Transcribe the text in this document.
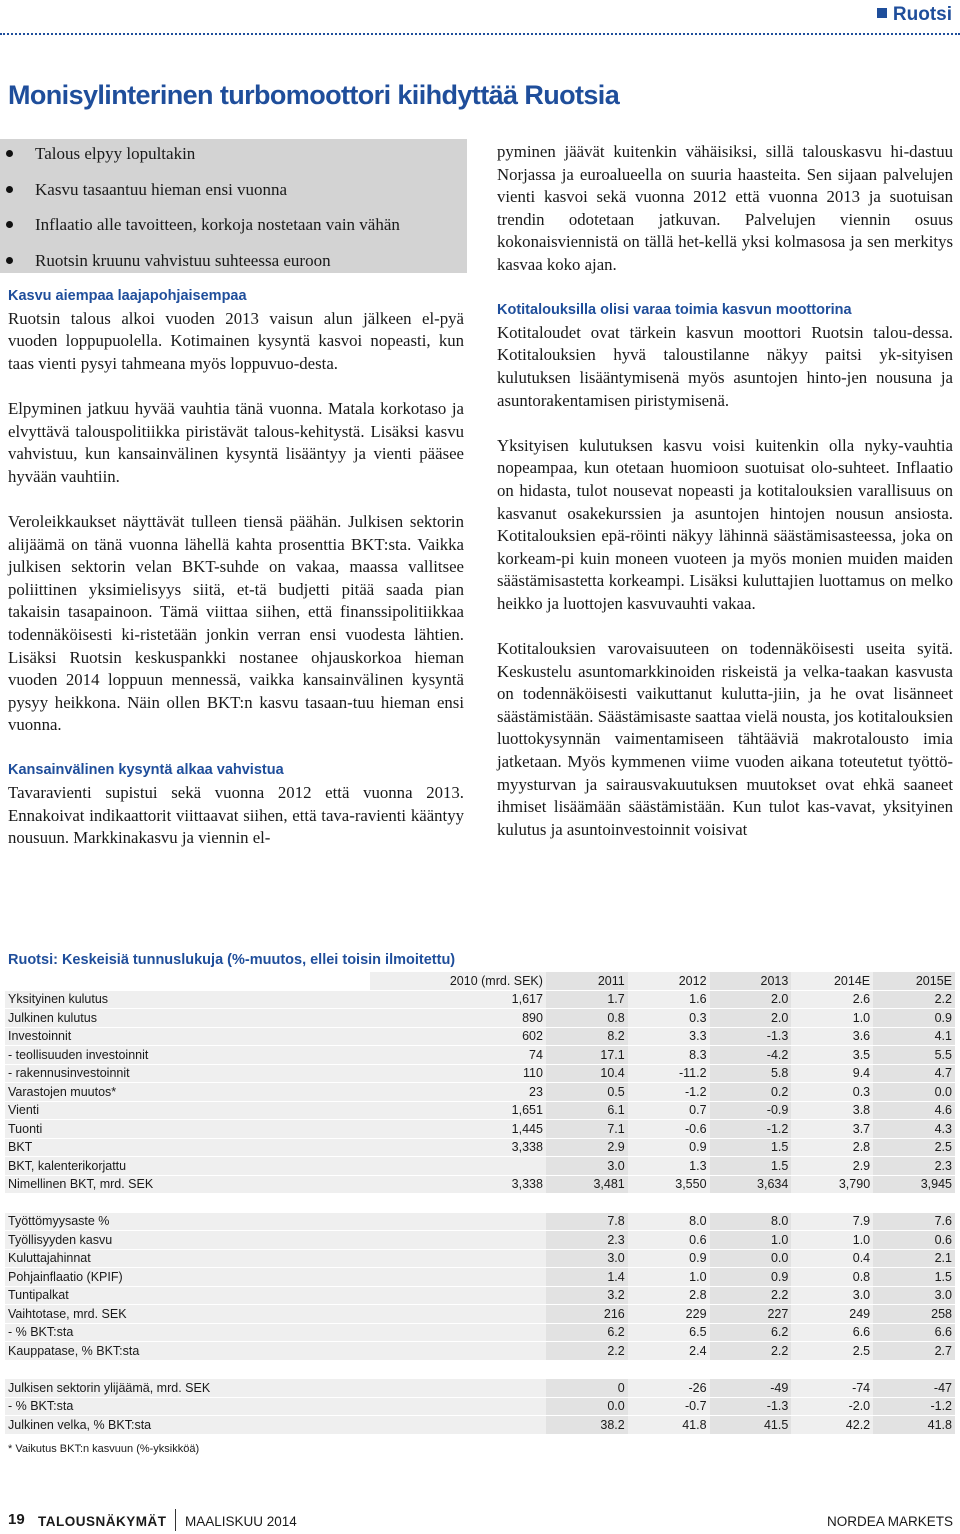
Ruotsi
Monisylinterinen turbomoottori kiihdyttää Ruotsia
Talous elpyy lopultakin
Kasvu tasaantuu hieman ensi vuonna
Inflaatio alle tavoitteen, korkoja nostetaan vain vähän
Ruotsin kruunu vahvistuu suhteessa euroon
Kasvu aiempaa laajapohjaisempaa

Ruotsin talous alkoi vuoden 2013 vaisun alun jälkeen el-pyä vuoden loppupuolella. Kotimainen kysyntä kasvoi nopeasti, kun taas vienti pysyi tahmeana myös loppuvuo-desta.

Elpyminen jatkuu hyvää vauhtia tänä vuonna. Matala korkotaso ja elvyttävä talouspolitiikka piristävät talous-kehitystä. Lisäksi kasvu vahvistuu, kun kansainvälinen kysyntä lisääntyy ja vienti pääsee hyvään vauhtiin.

Veroleikkaukset näyttävät tulleen tiensä päähän. Julkisen sektorin alijäämä on tänä vuonna lähellä kahta prosenttia BKT:sta. Vaikka julkisen sektorin velan BKT-suhde on vakaa, maassa vallitsee poliittinen yksimielisyys siitä, et-tä budjetti pitää saada pian takaisin tasapainoon. Tämä viittaa siihen, että finanssipolitiikkaa todennäköisesti ki-ristetään jonkin verran ensi vuodesta lähtien. Lisäksi Ruotsin keskuspankki nostanee ohjauskorkoa hieman vuoden 2014 loppuun mennessä, vaikka kansainvälinen kysyntä pysyy heikkona. Näin ollen BKT:n kasvu tasaan-tuu hieman ensi vuonna.

Kansainvälinen kysyntä alkaa vahvistua

Tavaravienti supistui sekä vuonna 2012 että vuonna 2013. Ennakoivat indikaattorit viittaavat siihen, että tava-ravienti kääntyy nousuun. Markkinakasvu ja viennin el-

pyminen jäävät kuitenkin vähäisiksi, sillä talouskasvu hi-dastuu Norjassa ja euroalueella on suuria haasteita. Sen sijaan palvelujen vienti kasvoi sekä vuonna 2012 että vuonna 2013 ja suotuisan trendin odotetaan jatkuvan. Palvelujen viennin osuus kokonaisviennistä on tällä het-kellä yksi kolmasosa ja sen merkitys kasvaa koko ajan.

Kotitalouksilla olisi varaa toimia kasvun moottorina

Kotitaloudet ovat tärkein kasvun moottori Ruotsin talou-dessa. Kotitalouksien hyvä taloustilanne näkyy paitsi yk-sityisen kulutuksen lisääntymisenä myös asuntojen hinto-jen nousuna ja asuntorakentamisen piristymisenä.

Yksityisen kulutuksen kasvu voisi kuitenkin olla nyky-vauhtia nopeampaa, kun otetaan huomioon suotuisat olo-suhteet. Inflaatio on hidasta, tulot nousevat nopeasti ja kotitalouksien varallisuus on kasvanut osakekurssien ja asuntojen hintojen nousun ansiosta. Kotitalouksien epä-röinti näkyy lähinnä säästämisasteessa, joka on korkeam-pi kuin moneen vuoteen ja myös monien muiden maiden säästämisastetta korkeampi. Lisäksi kuluttajien luottamus on melko heikko ja luottojen kasvuvauhti vakaa.

Kotitalouksien varovaisuuteen on todennäköisesti useita syitä. Keskustelu asuntomarkkinoiden riskeistä ja velka-taakan kasvusta on todennäköisesti vaikuttanut kulutta-jiin, ja he ovat lisänneet säästämistään. Säästämisaste saattaa vielä nousta, jos kotitalouksien luottokysynnän vaimentamiseen tähtääviä makrotalousto imia jatketaan. Myös kymmenen viime vuoden aikana toteutetut työttö-myysturvan ja sairausvakuutuksen muutokset ovat ehkä saaneet ihmiset lisäämään säästämistään. Kun tulot kas-vavat, yksityinen kulutus ja asuntoinvestoinnit voisivat

Ruotsi: Keskeisiä tunnuslukuja (%-muutos, ellei toisin ilmoitettu)
	2010 (mrd. SEK)	2011	2012	2013	2014E	2015E
Yksityinen kulutus	1,617	1.7	1.6	2.0	2.6	2.2
Julkinen kulutus	890	0.8	0.3	2.0	1.0	0.9
Investoinnit	602	8.2	3.3	-1.3	3.6	4.1
- teollisuuden investoinnit	74	17.1	8.3	-4.2	3.5	5.5
- rakennusinvestoinnit	110	10.4	-11.2	5.8	9.4	4.7
Varastojen muutos*	23	0.5	-1.2	0.2	0.3	0.0
Vienti	1,651	6.1	0.7	-0.9	3.8	4.6
Tuonti	1,445	7.1	-0.6	-1.2	3.7	4.3
BKT	3,338	2.9	0.9	1.5	2.8	2.5
BKT, kalenterikorjattu		3.0	1.3	1.5	2.9	2.3
Nimellinen BKT, mrd. SEK	3,338	3,481	3,550	3,634	3,790	3,945

Työttömyysaste %		7.8	8.0	8.0	7.9	7.6
Työllisyyden kasvu		2.3	0.6	1.0	1.0	0.6
Kuluttajahinnat		3.0	0.9	0.0	0.4	2.1
Pohjainflaatio (KPIF)		1.4	1.0	0.9	0.8	1.5
Tuntipalkat		3.2	2.8	2.2	3.0	3.0
Vaihtotase, mrd. SEK		216	229	227	249	258
- % BKT:sta		6.2	6.5	6.2	6.6	6.6
Kauppatase, % BKT:sta		2.2	2.4	2.2	2.5	2.7

Julkisen sektorin ylijäämä, mrd. SEK		0	-26	-49	-74	-47
- % BKT:sta		0.0	-0.7	-1.3	-2.0	-1.2
Julkinen velka, % BKT:sta		38.2	41.8	41.5	42.2	41.8
* Vaikutus BKT:n kasvuun (%-yksikköä)
19 TALOUSNÄKYMÄT MAALISKUU 2014	NORDEA MARKETS
